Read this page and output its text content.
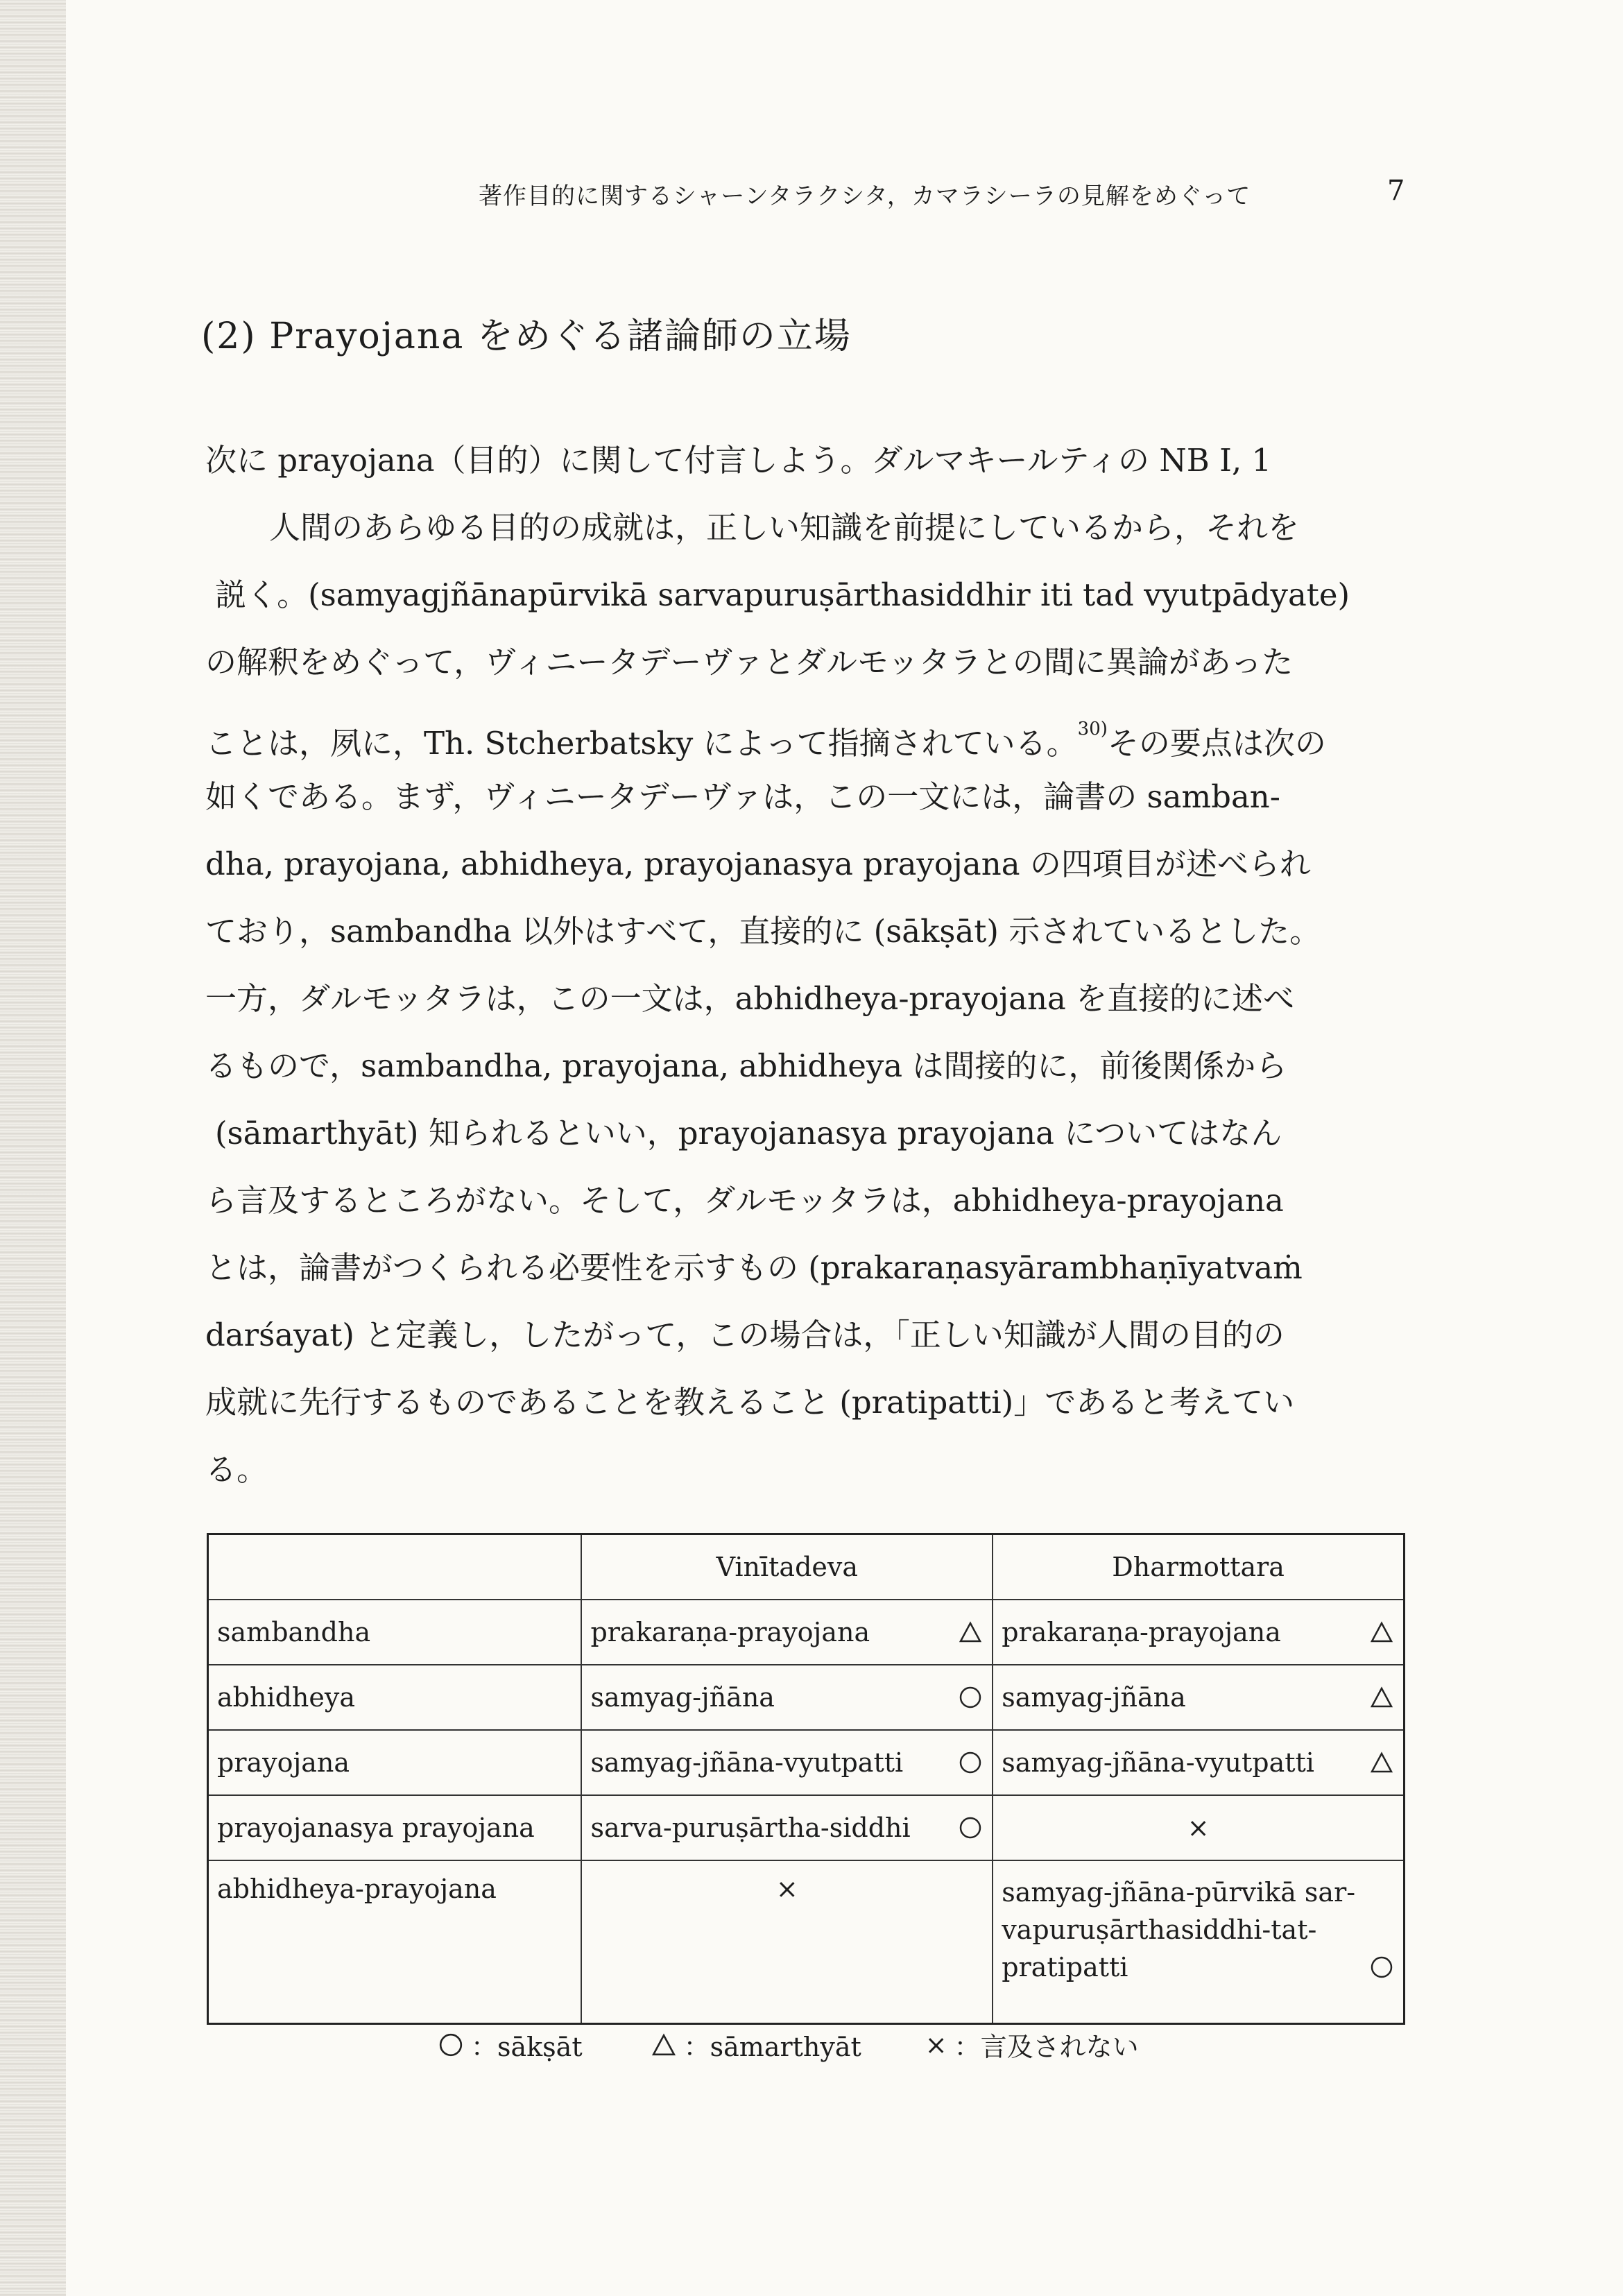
著作目的に関するシャーンタラクシタ，カマラシーラの見解をめぐって	7
(2) Prayojana をめぐる諸論師の立場
次に prayojana（目的）に関して付言しよう。ダルマキールティの NB I, 1
人間のあらゆる目的の成就は，正しい知識を前提にしているから，それを
説く。(samyagjñānapūrvikā sarvapuruṣārthasiddhir iti tad vyutpādyate)
の解釈をめぐって，ヴィニータデーヴァとダルモッタラとの間に異論があった
ことは，夙に，Th. Stcherbatsky によって指摘されている。$^{30)}$その要点は次の
如くである。まず，ヴィニータデーヴァは，この一文には，論書の samban-
dha, prayojana, abhidheya, prayojanasya prayojana の四項目が述べられ
ており，sambandha 以外はすべて，直接的に (sākṣāt) 示されているとした。
一方，ダルモッタラは，この一文は，abhidheya-prayojana を直接的に述べ
るもので，sambandha, prayojana, abhidheya は間接的に，前後関係から
(sāmarthyāt) 知られるといい，prayojanasya prayojana についてはなん
ら言及するところがない。そして，ダルモッタラは，abhidheya-prayojana
とは，論書がつくられる必要性を示すもの (prakaraṇasyārambhaṇīyatvaṁ
darśayat) と定義し，したがって，この場合は，「正しい知識が人間の目的の
成就に先行するものであることを教えること (pratipatti)」であると考えてい
る。
	Vinītadeva	Dharmottara
sambandha	prakaraṇa-prayojana	prakaraṇa-prayojana

abhidheya	samyag-jñāna	samyag-jñāna

prayojana	samyag-jñāna-vyutpatti	samyag-jñāna-vyutpatti

prayojanasya prayojana	sarva-puruṣārtha-siddhi	×
abhidheya-prayojana	×	samyag-jñāna-pūrvikā sar-
vapuruṣārthasiddhi-tat-
pratipatti
：sākṣāt	：sāmarthyāt × ：言及されない
